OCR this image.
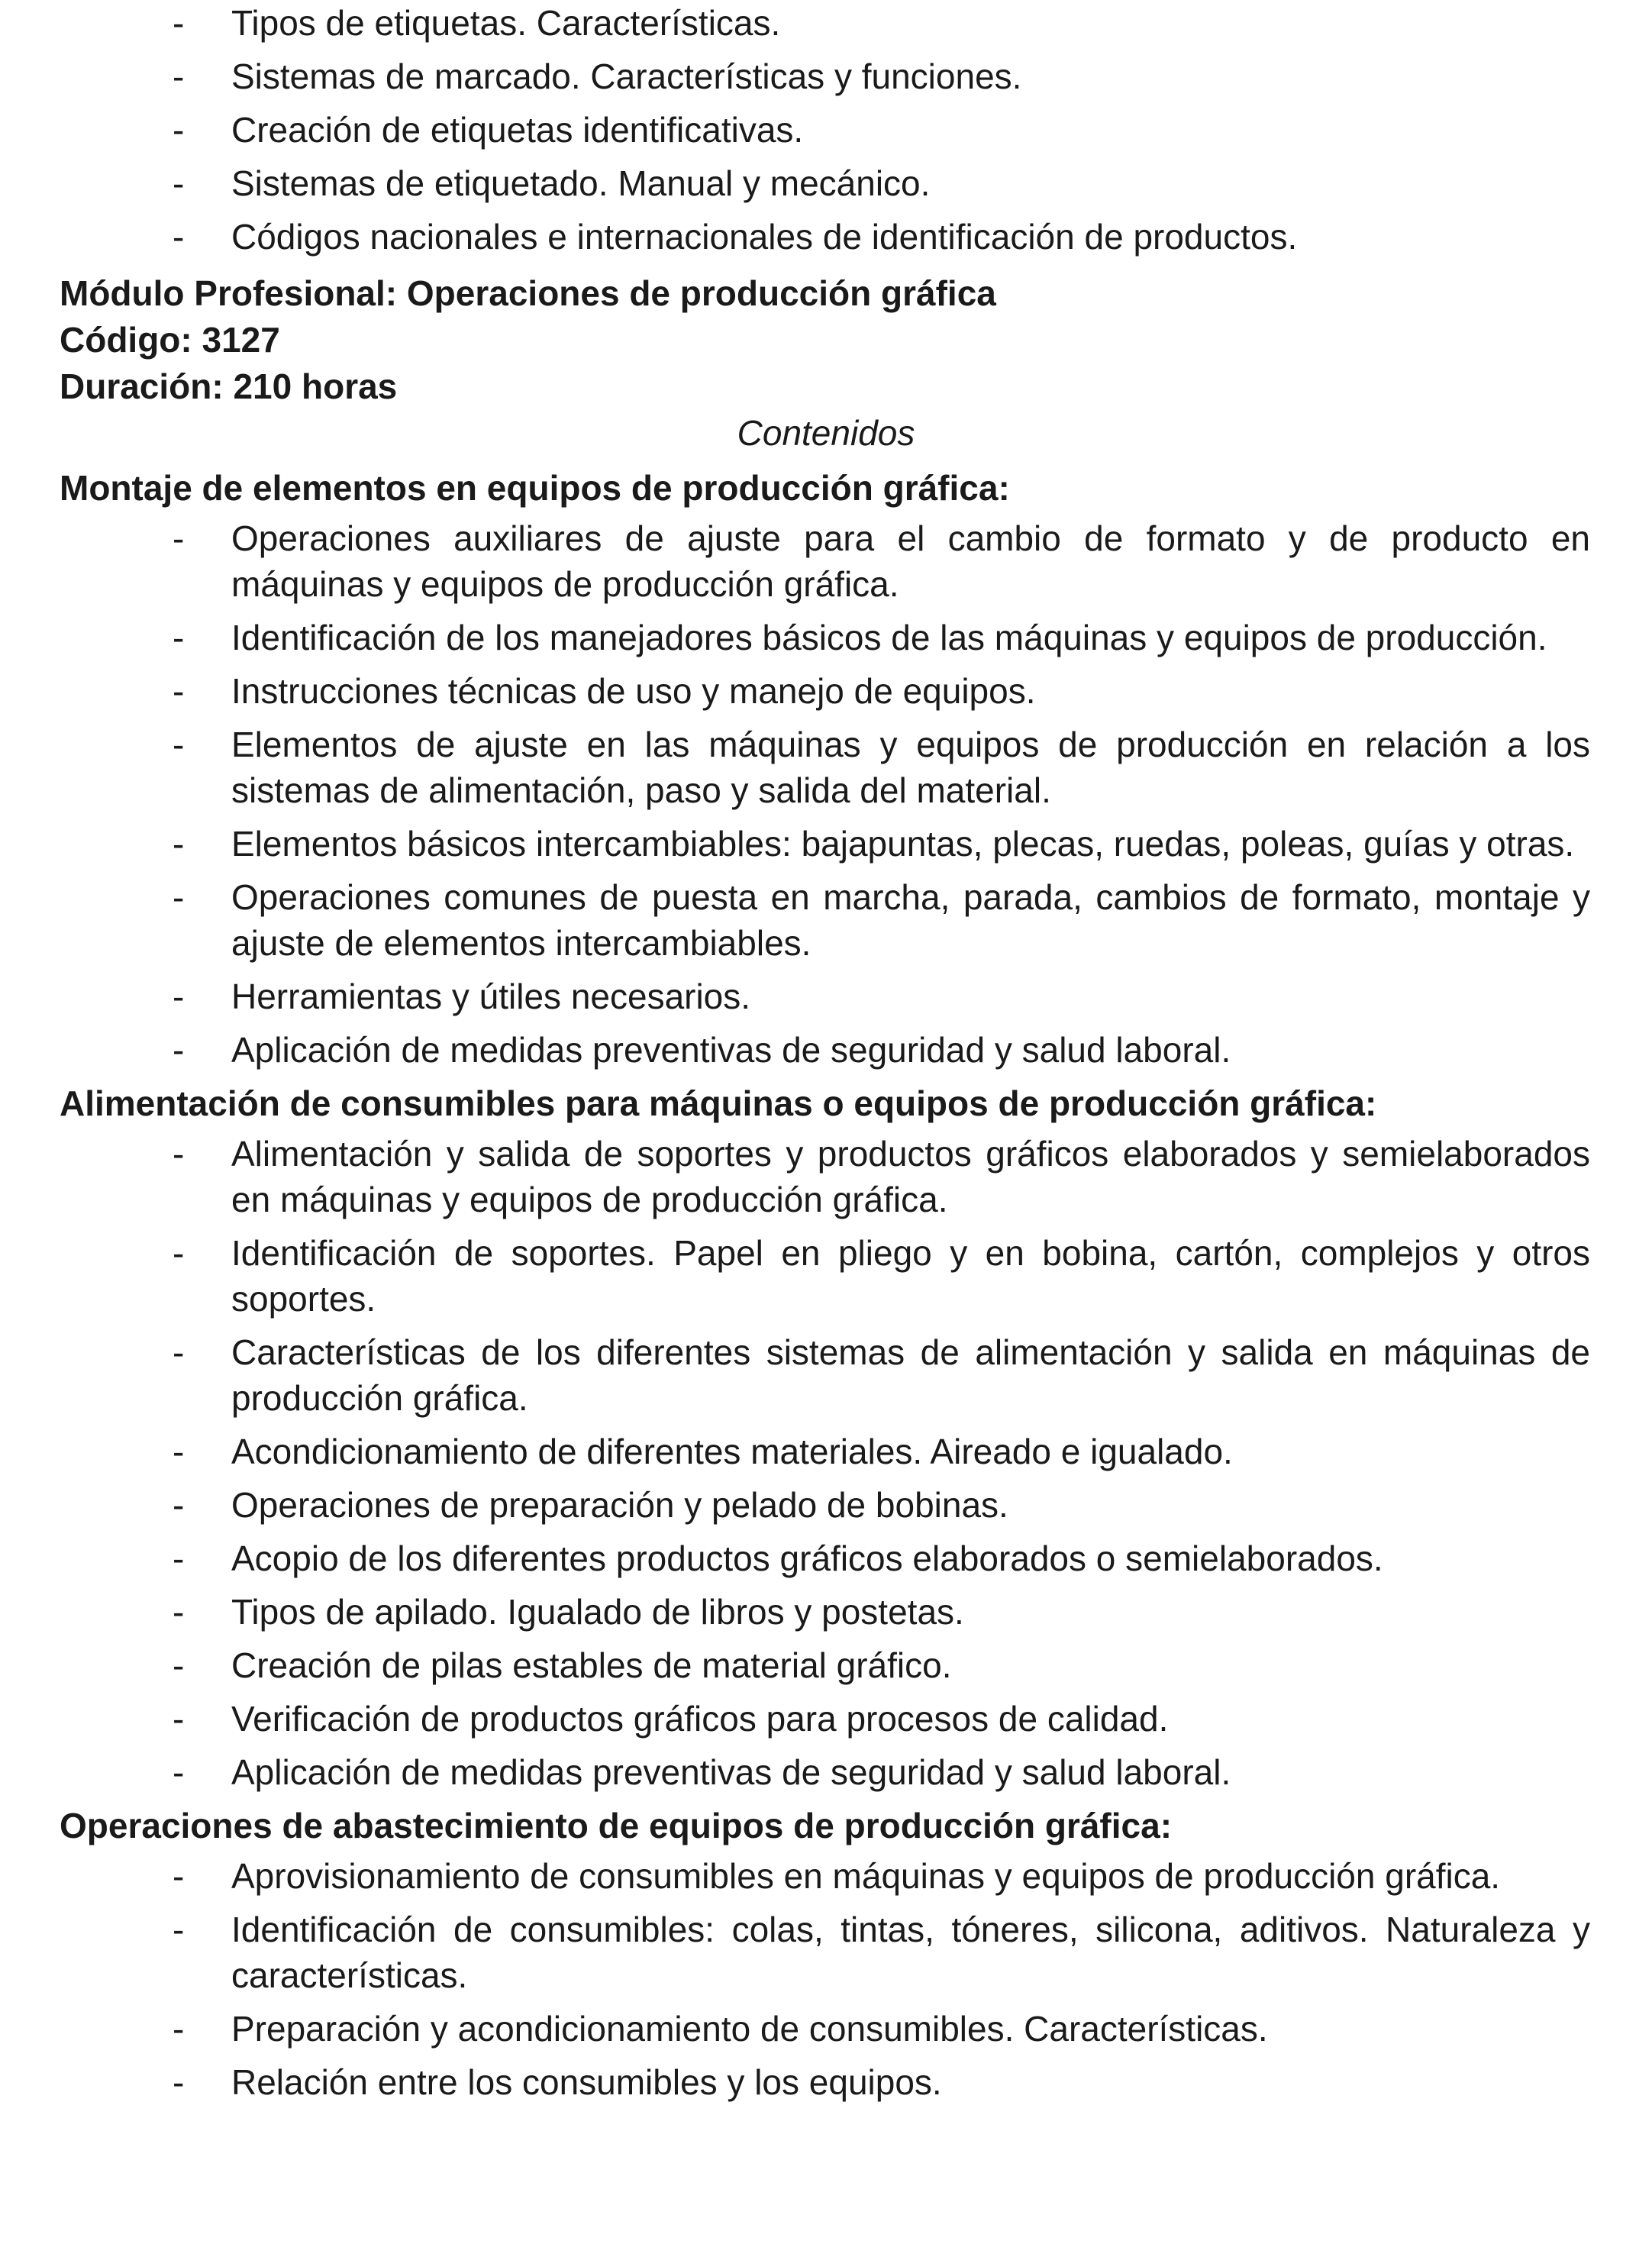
- Tipos de etiquetas. Características.
- Sistemas de marcado. Características y funciones.
- Creación de etiquetas identificativas.
- Sistemas de etiquetado. Manual y mecánico.
- Códigos nacionales e internacionales de identificación de productos.

Módulo Profesional: Operaciones de producción gráfica

Código: 3127

Duración: 210 horas

Contenidos

Montaje de elementos en equipos de producción gráfica:

- Operaciones auxiliares de ajuste para el cambio de formato y de producto en máquinas y equipos de producción gráfica.
- Identificación de los manejadores básicos de las máquinas y equipos de producción.
- Instrucciones técnicas de uso y manejo de equipos.
- Elementos de ajuste en las máquinas y equipos de producción en relación a los sistemas de alimentación, paso y salida del material.
- Elementos básicos intercambiables: bajapuntas, plecas, ruedas, poleas, guías y otras.
- Operaciones comunes de puesta en marcha, parada, cambios de formato, montaje y ajuste de elementos intercambiables.
- Herramientas y útiles necesarios.
- Aplicación de medidas preventivas de seguridad y salud laboral.

Alimentación de consumibles para máquinas o equipos de producción gráfica:

- Alimentación y salida de soportes y productos gráficos elaborados y semielaborados en máquinas y equipos de producción gráfica.
- Identificación de soportes. Papel en pliego y en bobina, cartón, complejos y otros soportes.
- Características de los diferentes sistemas de alimentación y salida en máquinas de producción gráfica.
- Acondicionamiento de diferentes materiales. Aireado e igualado.
- Operaciones de preparación y pelado de bobinas.
- Acopio de los diferentes productos gráficos elaborados o semielaborados.
- Tipos de apilado. Igualado de libros y postetas.
- Creación de pilas estables de material gráfico.
- Verificación de productos gráficos para procesos de calidad.
- Aplicación de medidas preventivas de seguridad y salud laboral.

Operaciones de abastecimiento de equipos de producción gráfica:

- Aprovisionamiento de consumibles en máquinas y equipos de producción gráfica.
- Identificación de consumibles: colas, tintas, tóneres, silicona, aditivos. Naturaleza y características.
- Preparación y acondicionamiento de consumibles. Características.
- Relación entre los consumibles y los equipos.
